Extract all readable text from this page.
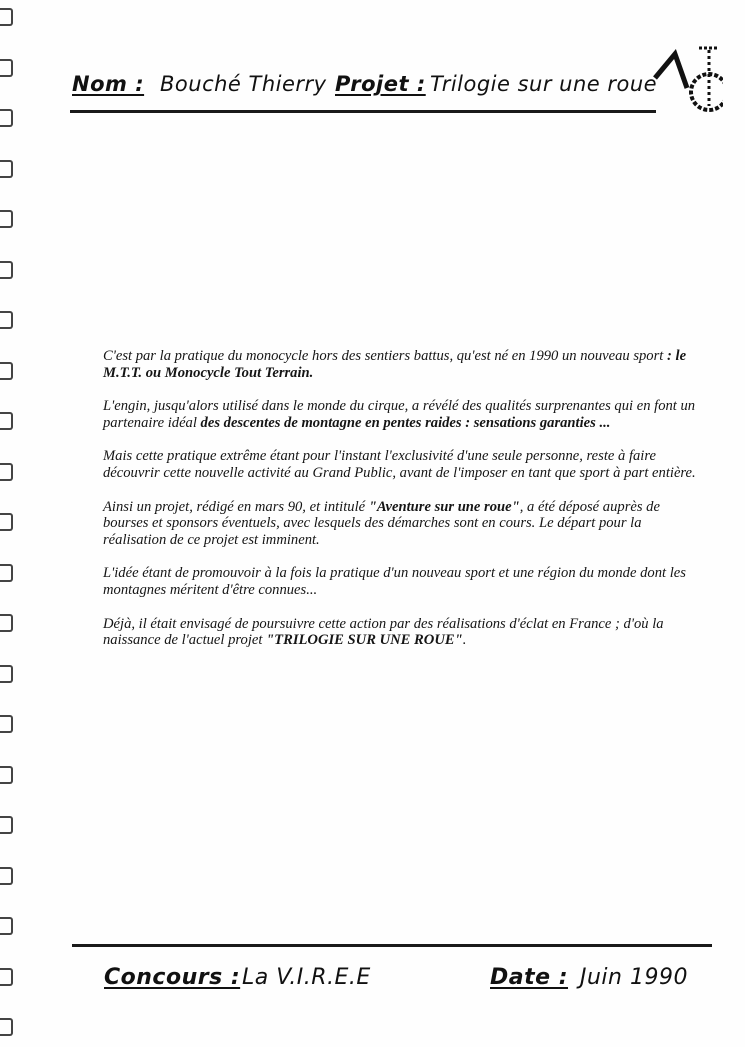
Nom : Bouché Thierry Projet : Trilogie sur une roue

C'est par la pratique du monocycle hors des sentiers battus, qu'est né en 1990 un nouveau sport : le M.T.T. ou Monocycle Tout Terrain.

L'engin, jusqu'alors utilisé dans le monde du cirque, a révélé des qualités surprenantes qui en font un partenaire idéal des descentes de montagne en pentes raides : sensations garanties ...

Mais cette pratique extrême étant pour l'instant l'exclusivité d'une seule personne, reste à faire découvrir cette nouvelle activité au Grand Public, avant de l'imposer en tant que sport à part entière.

Ainsi un projet, rédigé en mars 90, et intitulé "Aventure sur une roue", a été déposé auprès de bourses et sponsors éventuels, avec lesquels des démarches sont en cours. Le départ pour la réalisation de ce projet est imminent.

L'idée étant de promouvoir à la fois la pratique d'un nouveau sport et une région du monde dont les montagnes méritent d'être connues...

Déjà, il était envisagé de poursuivre cette action par des réalisations d'éclat en France ; d'où la naissance de l'actuel projet "TRILOGIE SUR UNE ROUE".

Concours : La V.I.R.E.E	Date : Juin 1990
